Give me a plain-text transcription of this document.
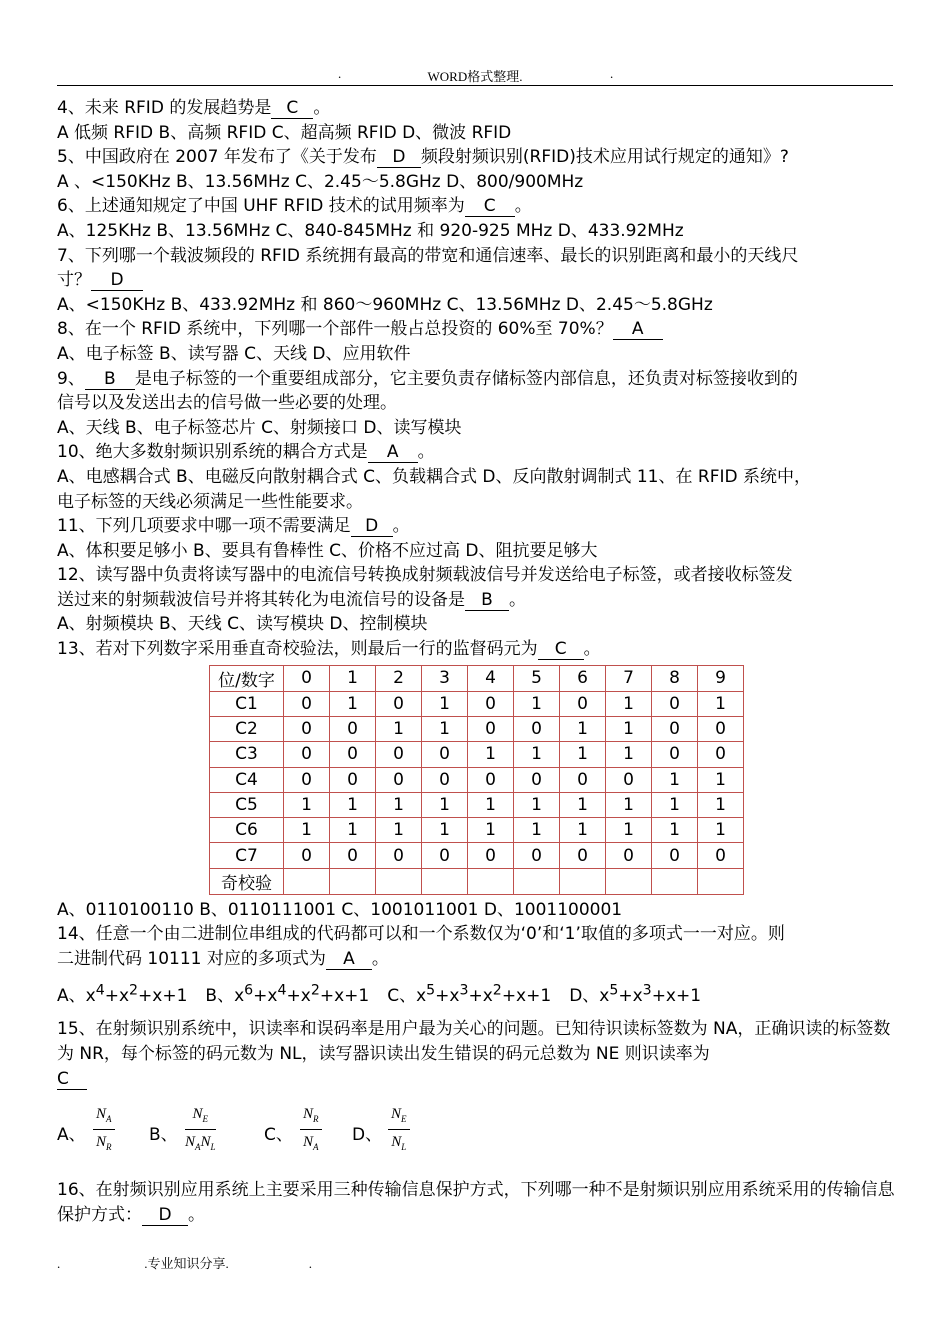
.	WORD格式整理.	.
4、未来 RFID 的发展趋势是 C 。
A 低频 RFID B、高频 RFID C、超高频 RFID D、微波 RFID
5、中国政府在 2007 年发布了《关于发布 D 频段射频识别(RFID)技术应用试行规定的通知》?
A 、<150KHz B、13.56MHz C、2.45～5.8GHz D、800/900MHz
6、上述通知规定了中国 UHF RFID 技术的试用频率为 C 。
A、125KHz B、13.56MHz C、840-845MHz 和 920-925 MHz D、433.92MHz
7、下列哪一个载波频段的 RFID 系统拥有最高的带宽和通信速率、最长的识别距离和最小的天线尺
寸？ D
A、<150KHz B、433.92MHz 和 860～960MHz C、13.56MHz D、2.45～5.8GHz
8、在一个 RFID 系统中，下列哪一个部件一般占总投资的 60%至 70%？ A
A、电子标签 B、读写器 C、天线 D、应用软件
9、 B 是电子标签的一个重要组成部分，它主要负责存储标签内部信息，还负责对标签接收到的
信号以及发送出去的信号做一些必要的处理。
A、天线 B、电子标签芯片 C、射频接口 D、读写模块
10、绝大多数射频识别系统的耦合方式是 A 。
A、电感耦合式 B、电磁反向散射耦合式 C、负载耦合式 D、反向散射调制式 11、在 RFID 系统中，
电子标签的天线必须满足一些性能要求。
11、下列几项要求中哪一项不需要满足 D 。
A、体积要足够小 B、要具有鲁棒性 C、价格不应过高 D、阻抗要足够大
12、读写器中负责将读写器中的电流信号转换成射频载波信号并发送给电子标签，或者接收标签发
送过来的射频载波信号并将其转化为电流信号的设备是 B 。
A、射频模块 B、天线 C、读写模块 D、控制模块
13、若对下列数字采用垂直奇校验法，则最后一行的监督码元为 C 。
位/数字	0	1	2	3	4	5	6	7	8	9
C1	0	1	0	1	0	1	0	1	0	1
C2	0	0	1	1	0	0	1	1	0	0
C3	0	0	0	0	1	1	1	1	0	0
C4	0	0	0	0	0	0	0	0	1	1
C5	1	1	1	1	1	1	1	1	1	1
C6	1	1	1	1	1	1	1	1	1	1
C7	0	0	0	0	0	0	0	0	0	0
奇校验										
A、0110100110 B、0110111001 C、1001011001 D、1001100001
14、任意一个由二进制位串组成的代码都可以和一个系数仅为‘0’和‘1’取值的多项式一一对应。则
二进制代码 10111 对应的多项式为 A 。
A、$x^4+x^2+x+1$ B、$x^6+x^4+x^2+x+1$ C、$x^5+x^3+x^2+x+1$ D、$x^5+x^3+x+1$
15、在射频识别系统中，识读率和误码率是用户最为关心的问题。已知待识读标签数为 NA，正确识读的标签数为 NR，每个标签的码元数为 NL，读写器识读出发生错误的码元总数为 NE 则识读率为
C
A、 $\frac{N_A}{N_R}$ B、
$N_E$
$N_AN_L$
C、 $\frac{N_R}{N_A}$ D、 $\frac{N_E}{N_L}$
16、在射频识别应用系统上主要采用三种传输信息保护方式，下列哪一种不是射频识别应用系统采用的传输信息保护方式： D 。
.	.专业知识分享.	.
